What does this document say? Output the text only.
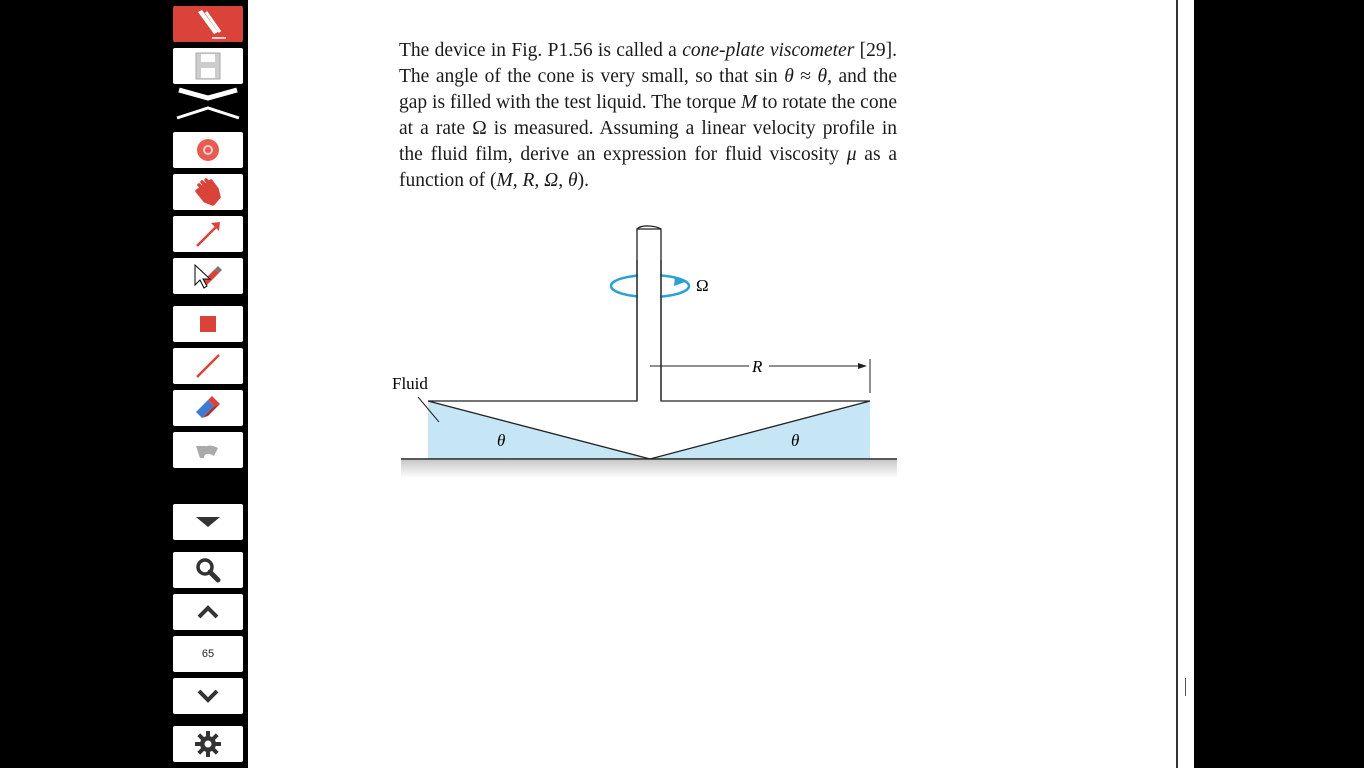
65

The device in Fig. P1.56 is called a cone-plate viscometer [29]. The angle of the cone is very small, so that sin θ ≈ θ, and the gap is filled with the test liquid. The torque M to rotate the cone at a rate Ω is measured. Assuming a linear velocity profile in the fluid film, derive an expression for fluid viscosity μ as a function of (M, R, Ω, θ).

Ω
R
Fluid
θ	θ
